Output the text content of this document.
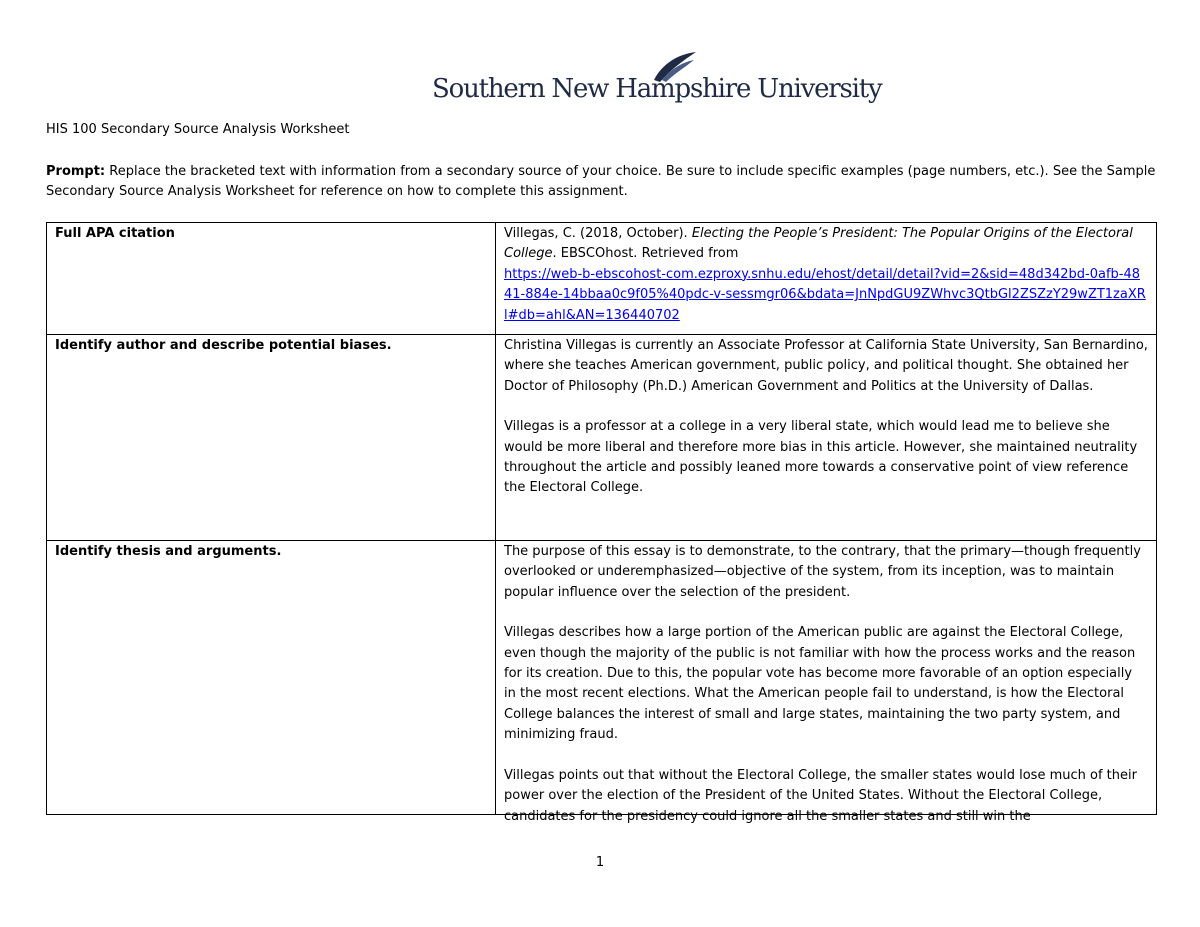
Southern New Hampshire University
HIS 100 Secondary Source Analysis Worksheet
Prompt: Replace the bracketed text with information from a secondary source of your choice. Be sure to include specific examples (page numbers, etc.). See the Sample Secondary Source Analysis Worksheet for reference on how to complete this assignment.
Full APA citation	Villegas, C. (2018, October). Electing the People’s President: The Popular Origins of the Electoral College. EBSCOhost. Retrieved from
https://web-b-ebscohost-com.ezproxy.snhu.edu/ehost/detail/detail?vid=2&sid=48d342bd-0afb-4841-884e-14bbaa0c9f05%40pdc-v-sessmgr06&bdata=JnNpdGU9ZWhvc3QtbGl2ZSZzY29wZT1zaXRl#db=ahl&AN=136440702
Identify author and describe potential biases.	Christina Villegas is currently an Associate Professor at California State University, San Bernardino, where she teaches American government, public policy, and political thought. She obtained her Doctor of Philosophy (Ph.D.) American Government and Politics at the University of Dallas.

Villegas is a professor at a college in a very liberal state, which would lead me to believe she would be more liberal and therefore more bias in this article. However, she maintained neutrality throughout the article and possibly leaned more towards a conservative point of view reference the Electoral College.

Identify thesis and arguments.	The purpose of this essay is to demonstrate, to the contrary, that the primary—though frequently overlooked or underemphasized—objective of the system, from its inception, was to maintain popular influence over the selection of the president.

Villegas describes how a large portion of the American public are against the Electoral College, even though the majority of the public is not familiar with how the process works and the reason for its creation. Due to this, the popular vote has become more favorable of an option especially in the most recent elections. What the American people fail to understand, is how the Electoral College balances the interest of small and large states, maintaining the two party system, and minimizing fraud.

Villegas points out that without the Electoral College, the smaller states would lose much of their power over the election of the President of the United States. Without the Electoral College, candidates for the presidency could ignore all the smaller states and still win the

1
